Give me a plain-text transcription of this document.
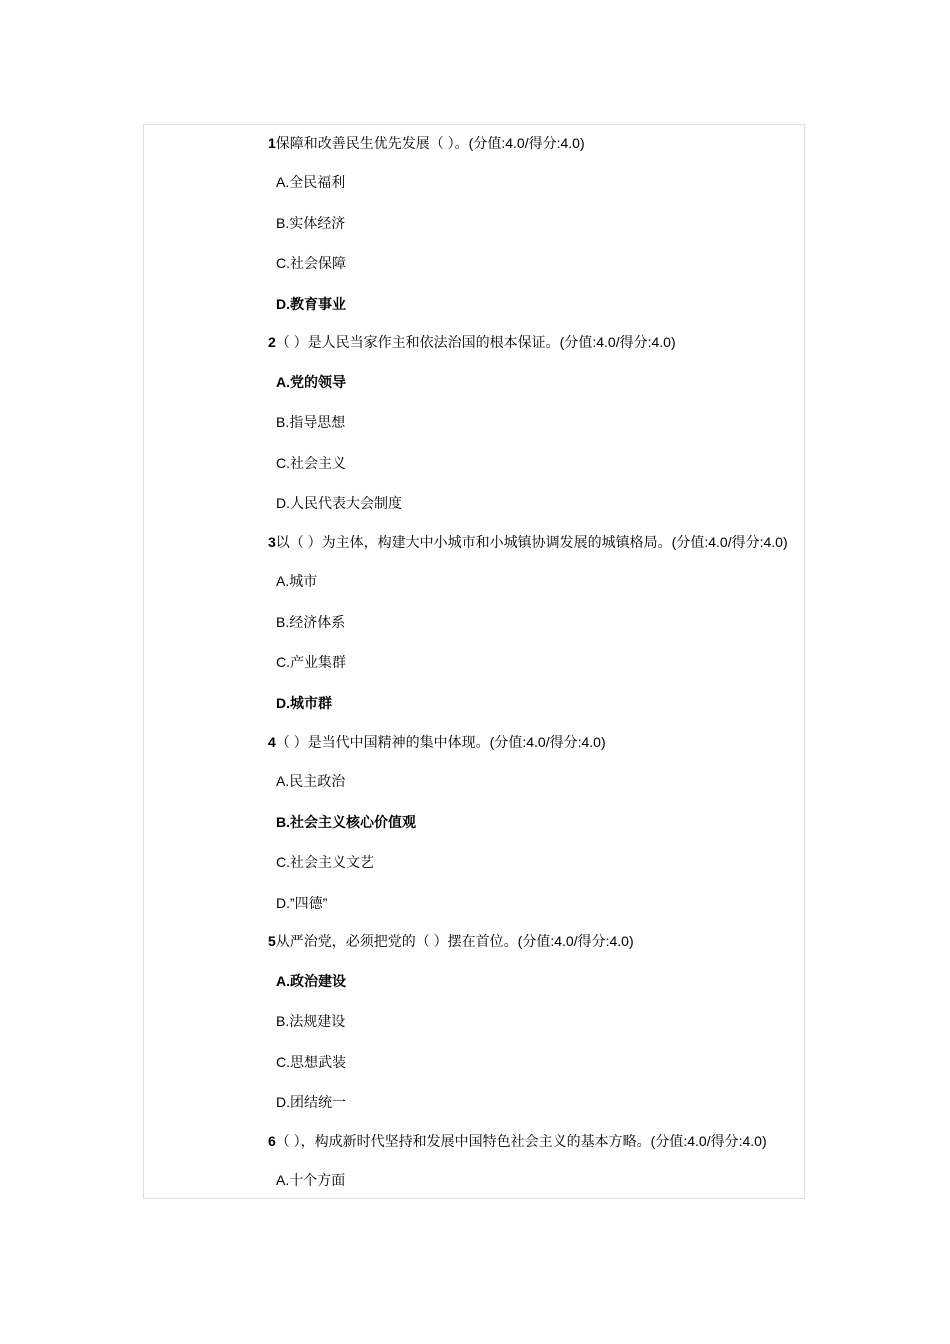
1保障和改善民生优先发展（ ）。(分值:4.0/得分:4.0)
A.全民福利
B.实体经济
C.社会保障
D.教育事业
2（ ）是人民当家作主和依法治国的根本保证。(分值:4.0/得分:4.0)
A.党的领导
B.指导思想
C.社会主义
D.人民代表大会制度
3以（ ）为主体，构建大中小城市和小城镇协调发展的城镇格局。(分值:4.0/得分:4.0)
A.城市
B.经济体系
C.产业集群
D.城市群
4（ ）是当代中国精神的集中体现。(分值:4.0/得分:4.0)
A.民主政治
B.社会主义核心价值观
C.社会主义文艺
D.”四德”
5从严治党，必须把党的（ ）摆在首位。(分值:4.0/得分:4.0)
A.政治建设
B.法规建设
C.思想武装
D.团结统一
6（ ），构成新时代坚持和发展中国特色社会主义的基本方略。(分值:4.0/得分:4.0)
A.十个方面
